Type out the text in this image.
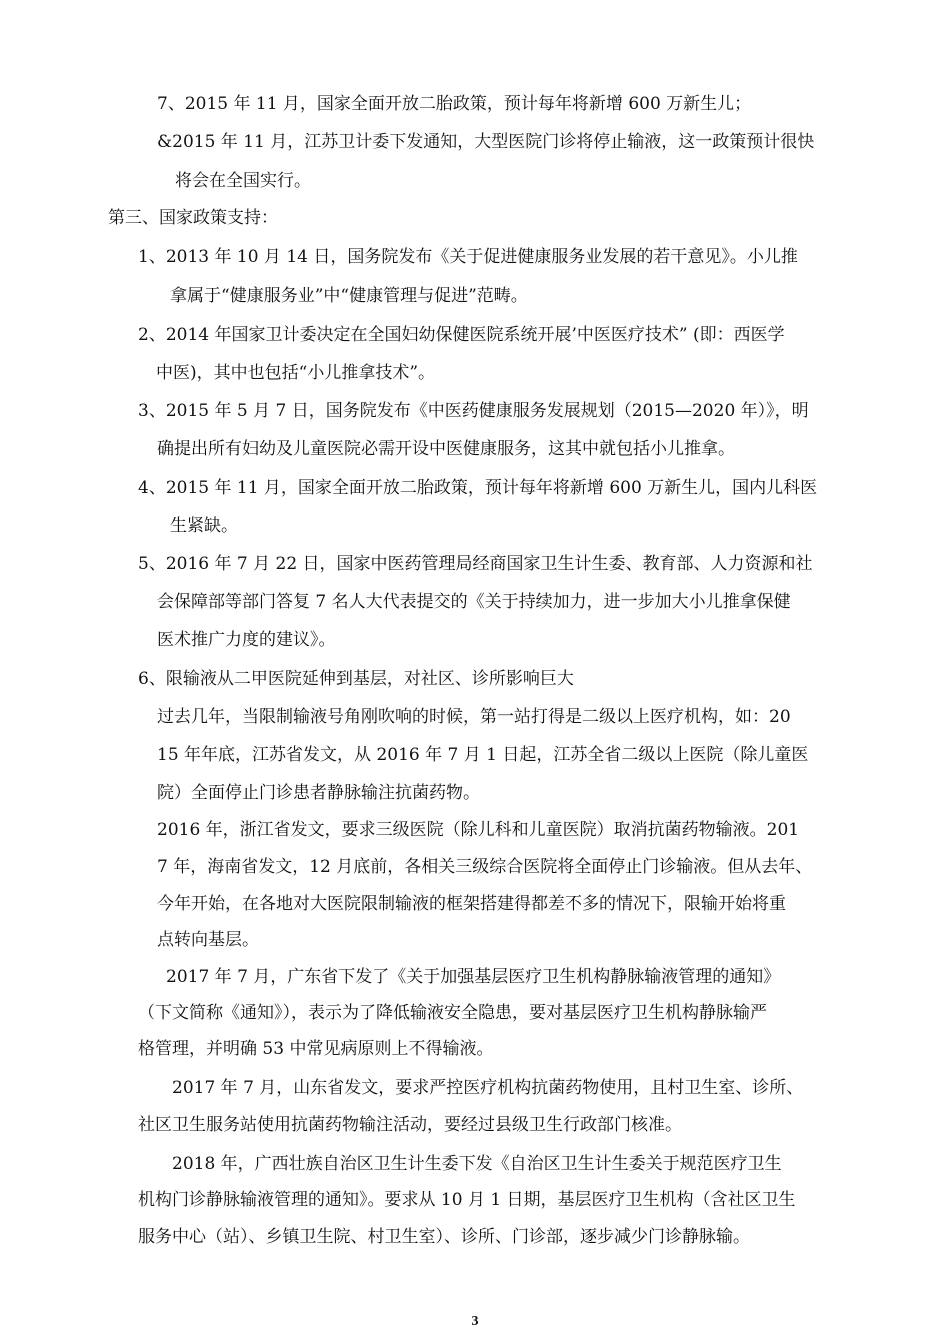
7、2015 年 11 月，国家全面开放二胎政策，预计每年将新增 600 万新生儿；
&2015 年 11 月，江苏卫计委下发通知，大型医院门诊将停止输液，这一政策预计很快
将会在全国实行。
第三、国家政策支持：
1、2013 年 10 月 14 日，国务院发布《关于促进健康服务业发展的若干意见》。小儿推
拿属于“健康服务业”中“健康管理与促进”范畴。
2、2014 年国家卫计委决定在全国妇幼保健医院系统开展’中医医疗技术” (即：西医学
中医)，其中也包括“小儿推拿技术”。
3、2015 年 5 月 7 日，国务院发布《中医药健康服务发展规划（2015—2020 年）》，明
确提出所有妇幼及儿童医院必需开设中医健康服务，这其中就包括小儿推拿。
4、2015 年 11 月，国家全面开放二胎政策，预计每年将新增 600 万新生儿，国内儿科医
生紧缺。
5、2016 年 7 月 22 日，国家中医药管理局经商国家卫生计生委、教育部、人力资源和社
会保障部等部门答复 7 名人大代表提交的《关于持续加力，进一步加大小儿推拿保健
医术推广力度的建议》。
6、限输液从二甲医院延伸到基层，对社区、诊所影响巨大
过去几年，当限制输液号角刚吹响的时候，第一站打得是二级以上医疗机构，如：20
15 年年底，江苏省发文，从 2016 年 7 月 1 日起，江苏全省二级以上医院（除儿童医
院）全面停止门诊患者静脉输注抗菌药物。
2016 年，浙江省发文，要求三级医院（除儿科和儿童医院）取消抗菌药物输液。201
7 年，海南省发文，12 月底前，各相关三级综合医院将全面停止门诊输液。但从去年、
今年开始，在各地对大医院限制输液的框架搭建得都差不多的情况下，限输开始将重
点转向基层。
2017 年 7 月，广东省下发了《关于加强基层医疗卫生机构静脉输液管理的通知》
（下文简称《通知》），表示为了降低输液安全隐患，要对基层医疗卫生机构静脉输严
格管理，并明确 53 中常见病原则上不得输液。
2017 年 7 月，山东省发文，要求严控医疗机构抗菌药物使用，且村卫生室、诊所、
社区卫生服务站使用抗菌药物输注活动，要经过县级卫生行政部门核准。
2018 年，广西壮族自治区卫生计生委下发《自治区卫生计生委关于规范医疗卫生
机构门诊静脉输液管理的通知》。要求从 10 月 1 日期，基层医疗卫生机构（含社区卫生
服务中心（站）、乡镇卫生院、村卫生室）、诊所、门诊部，逐步减少门诊静脉输。
3
